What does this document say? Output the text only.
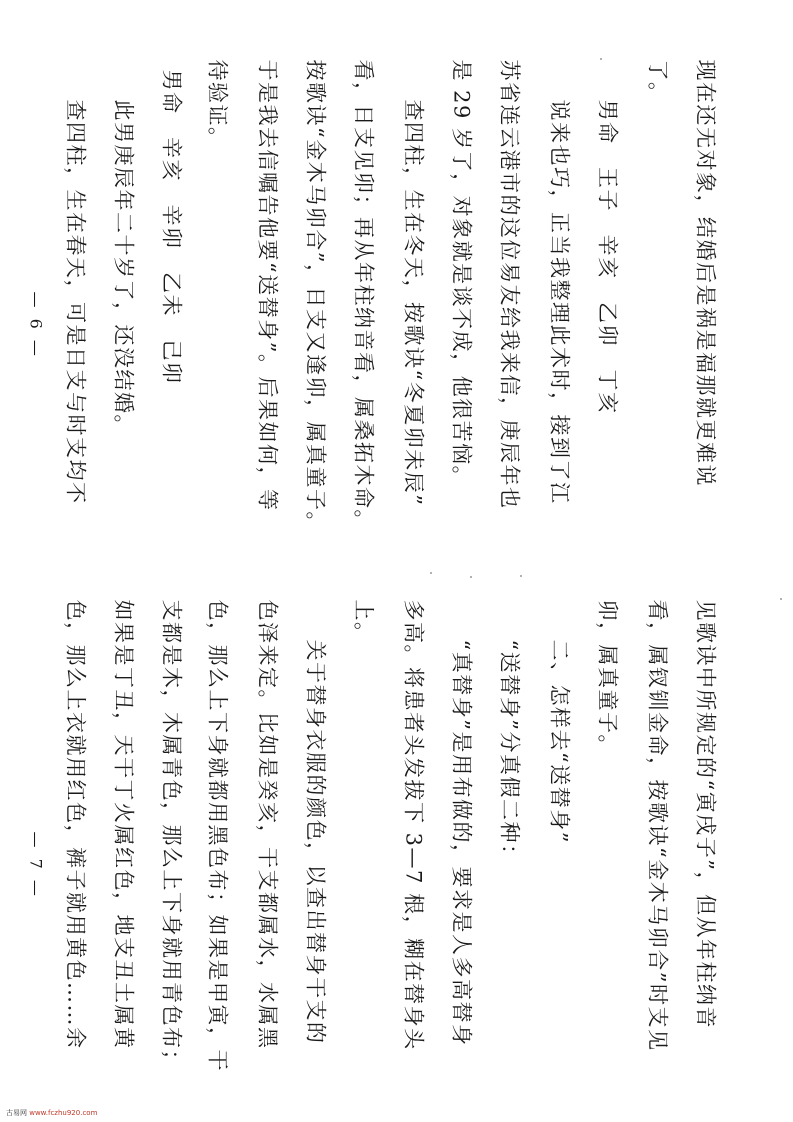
现在还无对象，结婚后是祸是福那就更难说
了。
男命　王子　辛亥　乙卯　丁亥
说来也巧，正当我整理此术时，接到了江
苏省连云港市的这位易友给我来信，庚辰年也
是 29 岁了，对象就是谈不成，他很苦恼。
查四柱，生在冬天，按歌诀“冬夏卯未辰”
看，日支见卯；再从年柱纳音看，属桑拓木命。
按歌诀“金木马卯合”，日支又逢卯，属真童子。
于是我去信嘱告他要“送替身”。后果如何，等
待验证。
男命　辛亥　辛卯　乙未　己卯
此男庚辰年二十岁了，还没结婚。
查四柱，生在春天，可是日支与时支均不
— 6 —
见歌诀中所规定的“寅戌子”，但从年柱纳音
看，属钗钏金命，按歌诀“金木马卯合”时支见
卯，属真童子。
二、怎样去“送替身”
“送替身”分真假二种：
“真替身”是用布做的，要求是人多高替身
多高。将患者头发拔下 3—7 根，糊在替身头
上。
关于替身衣服的颜色，以查出替身干支的
色泽来定。比如是癸亥，干支都属水，水属黑
色，那么上下身就都用黑色布；如果是甲寅，干
支都是木，木属青色，那么上下身就用青色布；
如果是丁丑，天干丁火属红色，地支丑土属黄
色，那么上衣就用红色，裤子就用黄色……余
— 7 —
古易网 www.fczhu920.com
